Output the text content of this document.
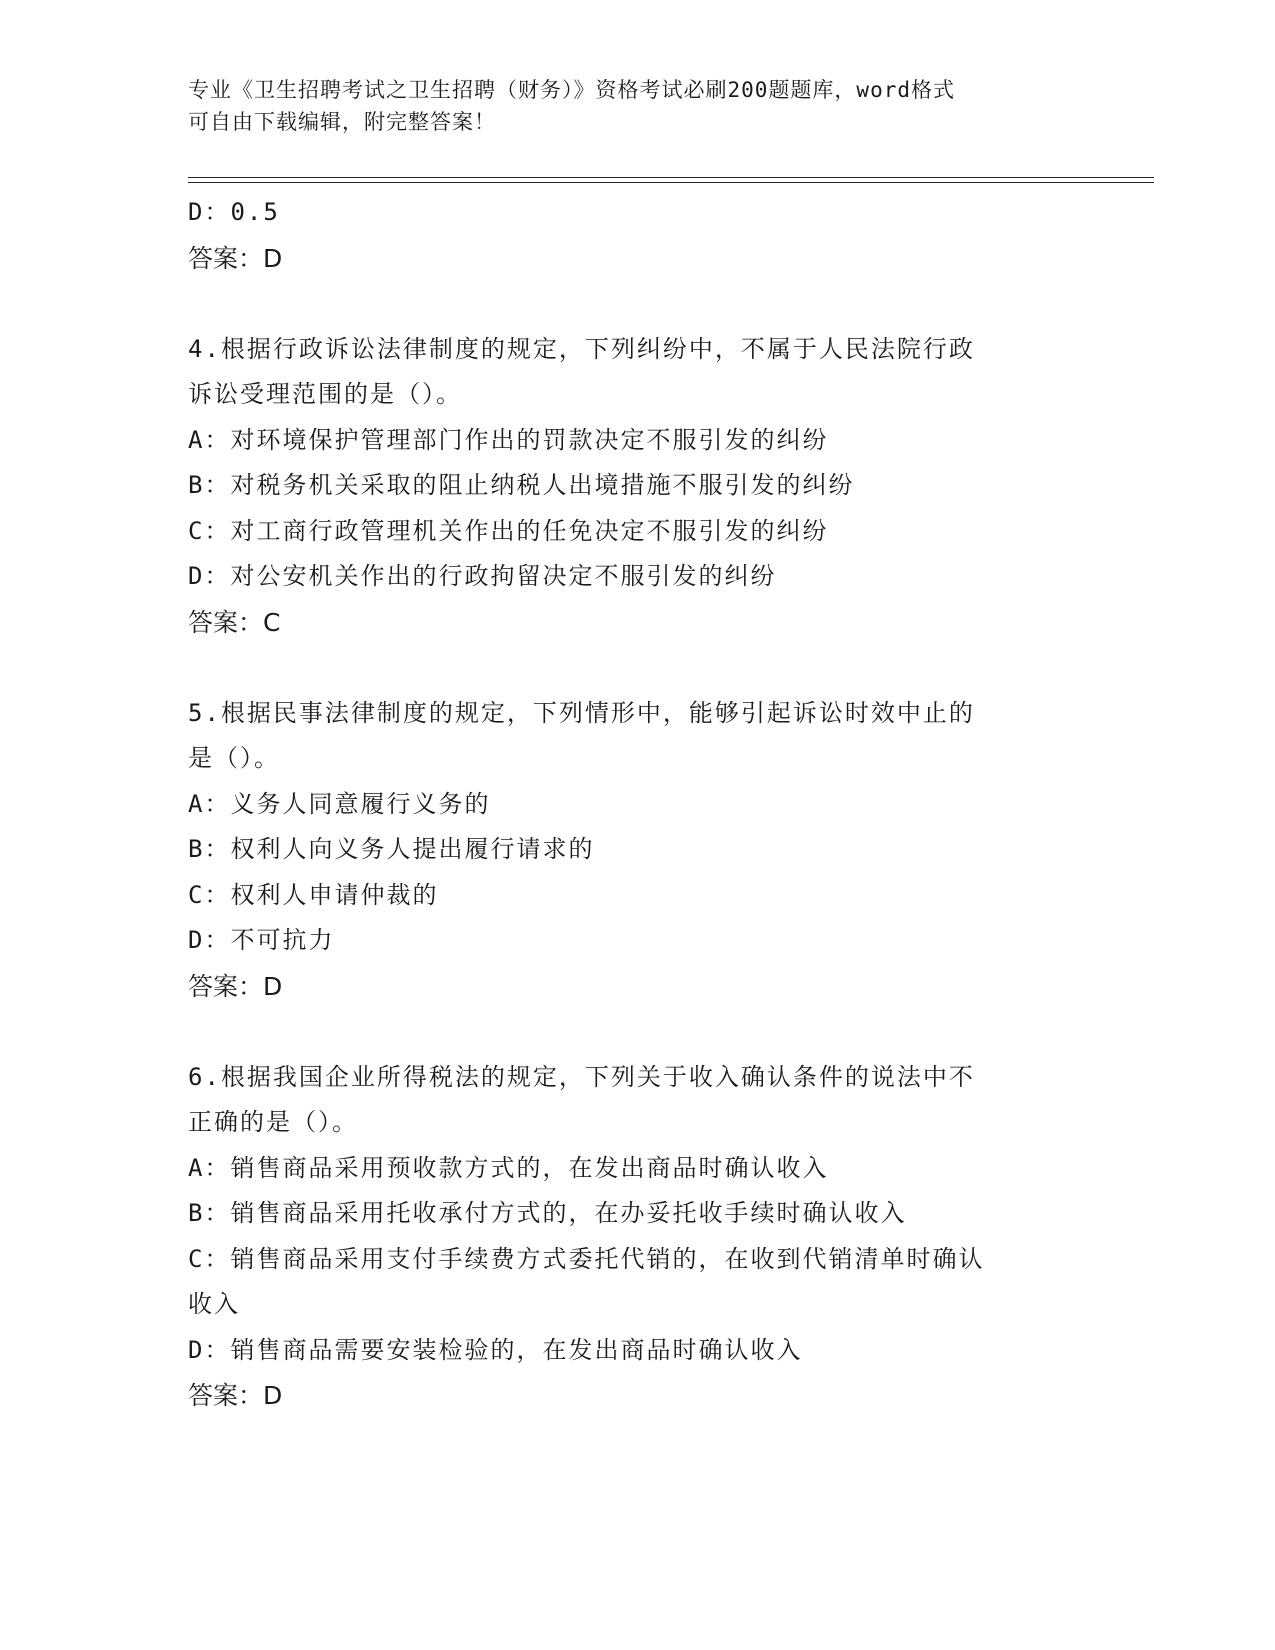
专业《卫生招聘考试之卫生招聘（财务）》资格考试必刷200题题库，word格式
可自由下载编辑，附完整答案！
D：0.5
答案：D
4.根据行政诉讼法律制度的规定，下列纠纷中，不属于人民法院行政
诉讼受理范围的是（）。
A：对环境保护管理部门作出的罚款决定不服引发的纠纷
B：对税务机关采取的阻止纳税人出境措施不服引发的纠纷
C：对工商行政管理机关作出的任免决定不服引发的纠纷
D：对公安机关作出的行政拘留决定不服引发的纠纷
答案：C
5.根据民事法律制度的规定，下列情形中，能够引起诉讼时效中止的
是（）。
A：义务人同意履行义务的
B：权利人向义务人提出履行请求的
C：权利人申请仲裁的
D：不可抗力
答案：D
6.根据我国企业所得税法的规定，下列关于收入确认条件的说法中不
正确的是（）。
A：销售商品采用预收款方式的，在发出商品时确认收入
B：销售商品采用托收承付方式的，在办妥托收手续时确认收入
C：销售商品采用支付手续费方式委托代销的，在收到代销清单时确认
收入
D：销售商品需要安装检验的，在发出商品时确认收入
答案：D
